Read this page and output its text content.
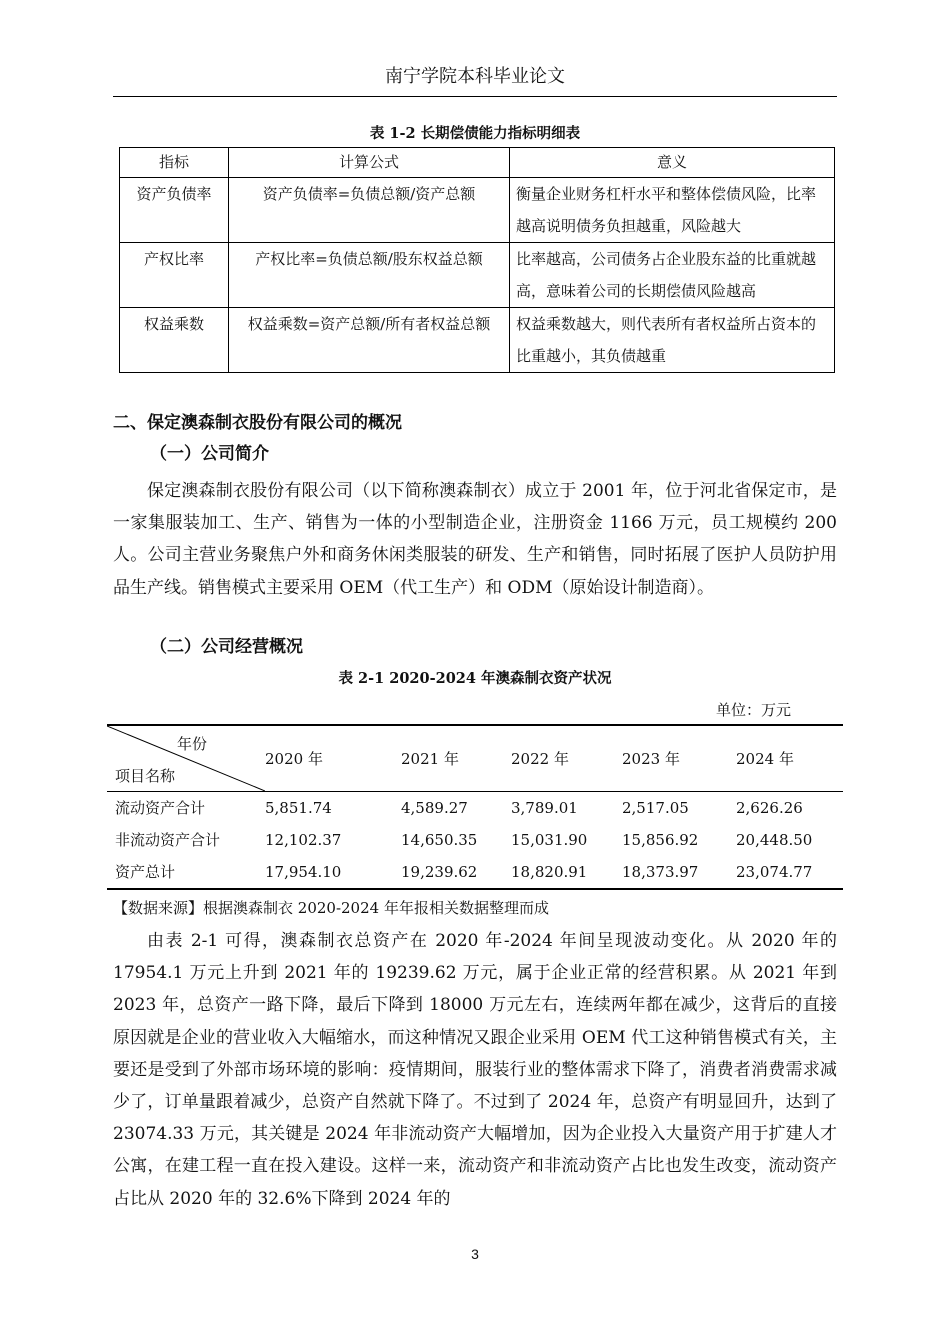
南宁学院本科毕业论文
表 1-2 长期偿债能力指标明细表
指标	计算公式	意义
资产负债率	资产负债率=负债总额/资产总额	衡量企业财务杠杆水平和整体偿债风险，比率越高说明债务负担越重，风险越大
产权比率	产权比率=负债总额/股东权益总额	比率越高，公司债务占企业股东益的比重就越高，意味着公司的长期偿债风险越高
权益乘数	权益乘数=资产总额/所有者权益总额	权益乘数越大，则代表所有者权益所占资本的比重越小，其负债越重
二、保定澳森制衣股份有限公司的概况
（一）公司简介

保定澳森制衣股份有限公司（以下简称澳森制衣）成立于 2001 年，位于河北省保定市，是一家集服装加工、生产、销售为一体的小型制造企业，注册资金 1166 万元，员工规模约 200 人。公司主营业务聚焦户外和商务休闲类服装的研发、生产和销售，同时拓展了医护人员防护用品生产线。销售模式主要采用 OEM（代工生产）和 ODM（原始设计制造商）。

（二）公司经营概况
表 2-1 2020-2024 年澳森制衣资产状况
单位：万元
年份
项目名称	2020 年	2021 年	2022 年	2023 年	2024 年
流动资产合计	5,851.74	4,589.27	3,789.01	2,517.05	2,626.26
非流动资产合计	12,102.37	14,650.35	15,031.90	15,856.92	20,448.50
资产总计	17,954.10	19,239.62	18,820.91	18,373.97	23,074.77
【数据来源】根据澳森制衣 2020-2024 年年报相关数据整理而成

由表 2-1 可得，澳森制衣总资产在 2020 年-2024 年间呈现波动变化。从 2020 年的 17954.1 万元上升到 2021 年的 19239.62 万元，属于企业正常的经营积累。从 2021 年到 2023 年，总资产一路下降，最后下降到 18000 万元左右，连续两年都在减少，这背后的直接原因就是企业的营业收入大幅缩水，而这种情况又跟企业采用 OEM 代工这种销售模式有关，主要还是受到了外部市场环境的影响：疫情期间，服装行业的整体需求下降了，消费者消费需求减少了，订单量跟着减少，总资产自然就下降了。不过到了 2024 年，总资产有明显回升，达到了 23074.33 万元，其关键是 2024 年非流动资产大幅增加，因为企业投入大量资产用于扩建人才公寓，在建工程一直在投入建设。这样一来，流动资产和非流动资产占比也发生改变，流动资产占比从 2020 年的 32.6%下降到 2024 年的

3
